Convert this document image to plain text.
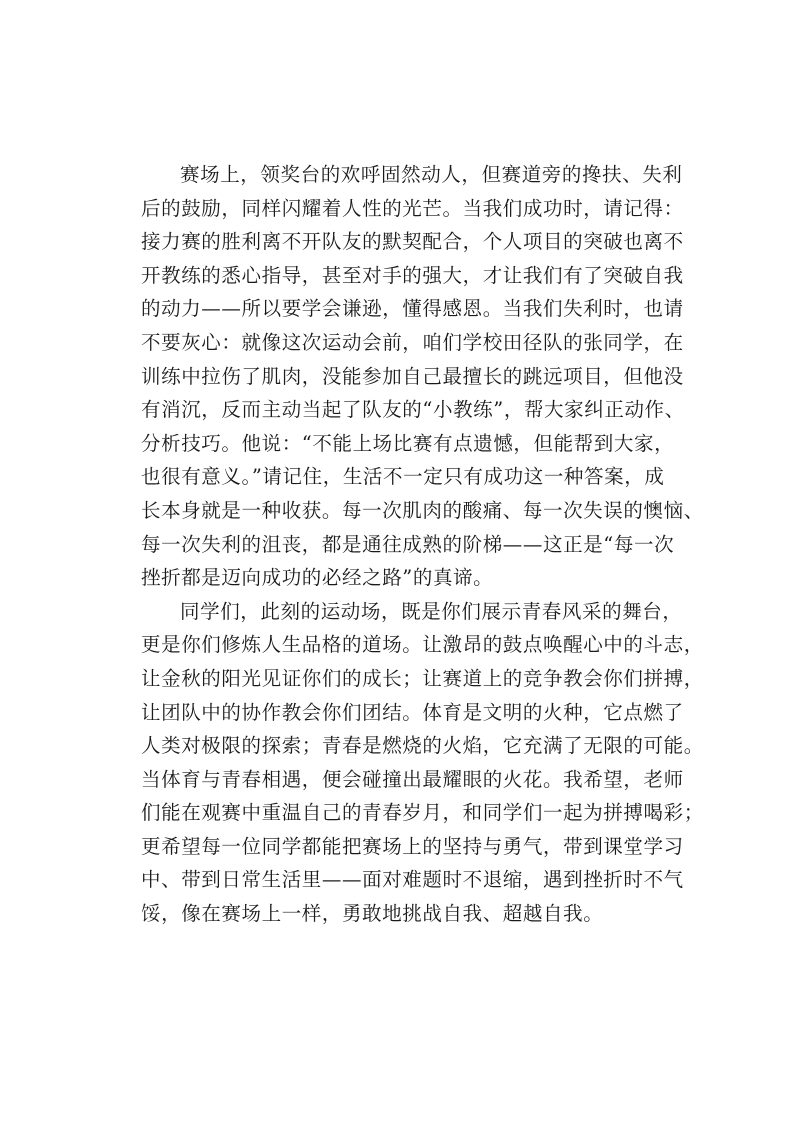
赛场上，领奖台的欢呼固然动人，但赛道旁的搀扶、失利
后的鼓励，同样闪耀着人性的光芒。当我们成功时，请记得：
接力赛的胜利离不开队友的默契配合，个人项目的突破也离不
开教练的悉心指导，甚至对手的强大，才让我们有了突破自我
的动力——所以要学会谦逊，懂得感恩。当我们失利时，也请
不要灰心：就像这次运动会前，咱们学校田径队的张同学，在
训练中拉伤了肌肉，没能参加自己最擅长的跳远项目，但他没
有消沉，反而主动当起了队友的“小教练”，帮大家纠正动作、
分析技巧。他说：“不能上场比赛有点遗憾，但能帮到大家，
也很有意义。”请记住，生活不一定只有成功这一种答案，成
长本身就是一种收获。每一次肌肉的酸痛、每一次失误的懊恼、
每一次失利的沮丧，都是通往成熟的阶梯——这正是“每一次
挫折都是迈向成功的必经之路”的真谛。
同学们，此刻的运动场，既是你们展示青春风采的舞台，
更是你们修炼人生品格的道场。让激昂的鼓点唤醒心中的斗志，
让金秋的阳光见证你们的成长；让赛道上的竞争教会你们拼搏，
让团队中的协作教会你们团结。体育是文明的火种，它点燃了
人类对极限的探索；青春是燃烧的火焰，它充满了无限的可能。
当体育与青春相遇，便会碰撞出最耀眼的火花。我希望，老师
们能在观赛中重温自己的青春岁月，和同学们一起为拼搏喝彩；
更希望每一位同学都能把赛场上的坚持与勇气，带到课堂学习
中、带到日常生活里——面对难题时不退缩，遇到挫折时不气
馁，像在赛场上一样，勇敢地挑战自我、超越自我。
